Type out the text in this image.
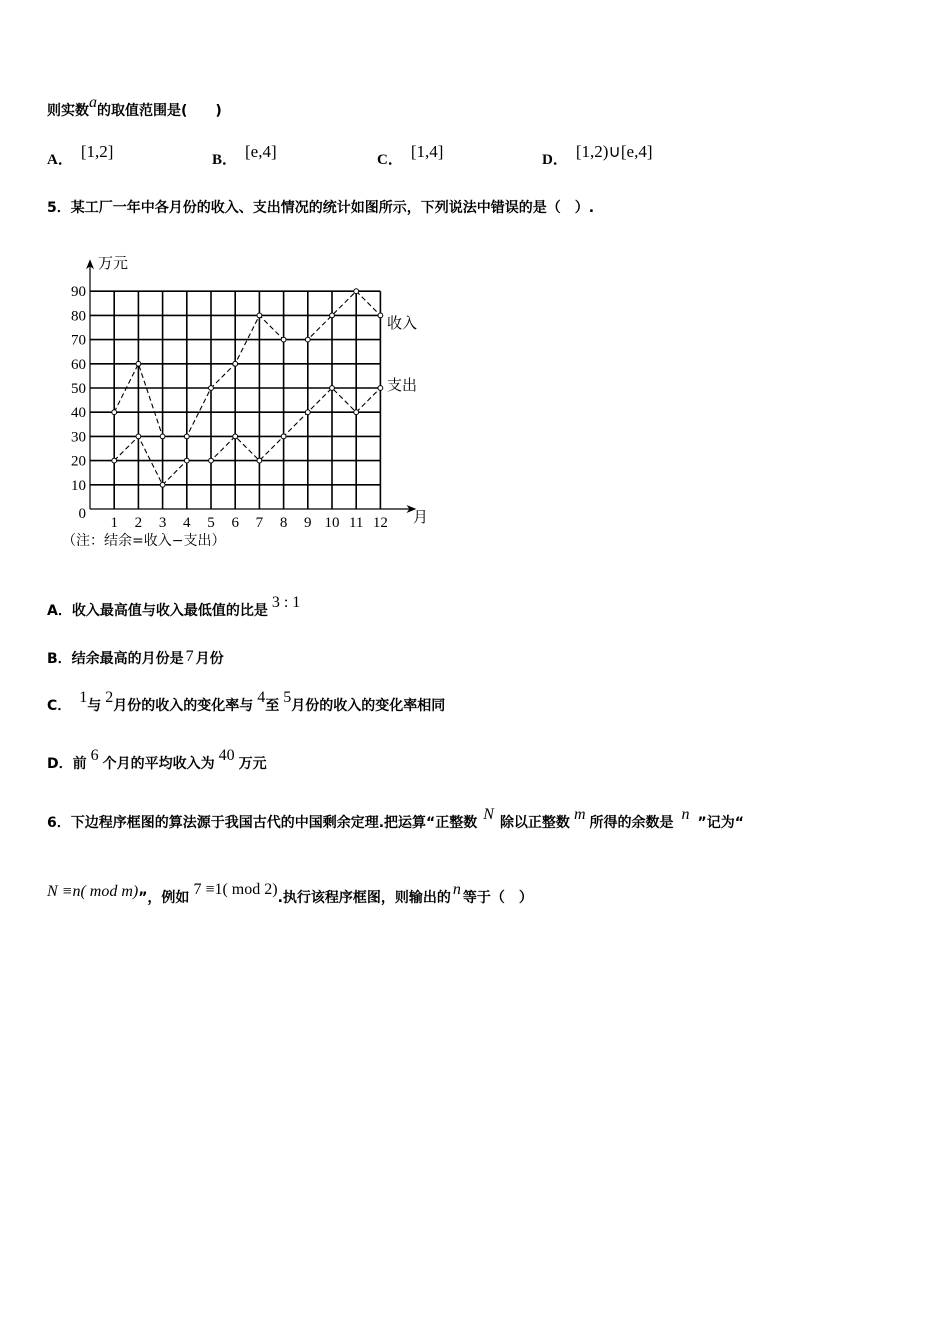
则实数a的取值范围是(　　)
A． [1,2]	B． [e,4]	C． [1,4]	D． [1,2)∪[e,4]
5．某工厂一年中各月份的收入、支出情况的统计如图所示，下列说法中错误的是（　）.
0
10
20
30
40
50
60
70
80
90
1 2 3 4 5 6 7 8 9 10 11 12
万元
月
收入
支出
（注：结余=收入−支出）
A．收入最高值与收入最低值的比是 3 : 1
B．结余最高的月份是 7 月份
C． 1与 2月份的收入的变化率与 4至 5月份的收入的变化率相同
D．前 6 个月的平均收入为 40 万元
6．下边程序框图的算法源于我国古代的中国剩余定理.把运算“正整数 N 除以正整数 m 所得的余数是 n ”记为“
N ≡n( mod m)”，例如 7 ≡1( mod 2).执行该程序框图，则输出的 n 等于（　）
